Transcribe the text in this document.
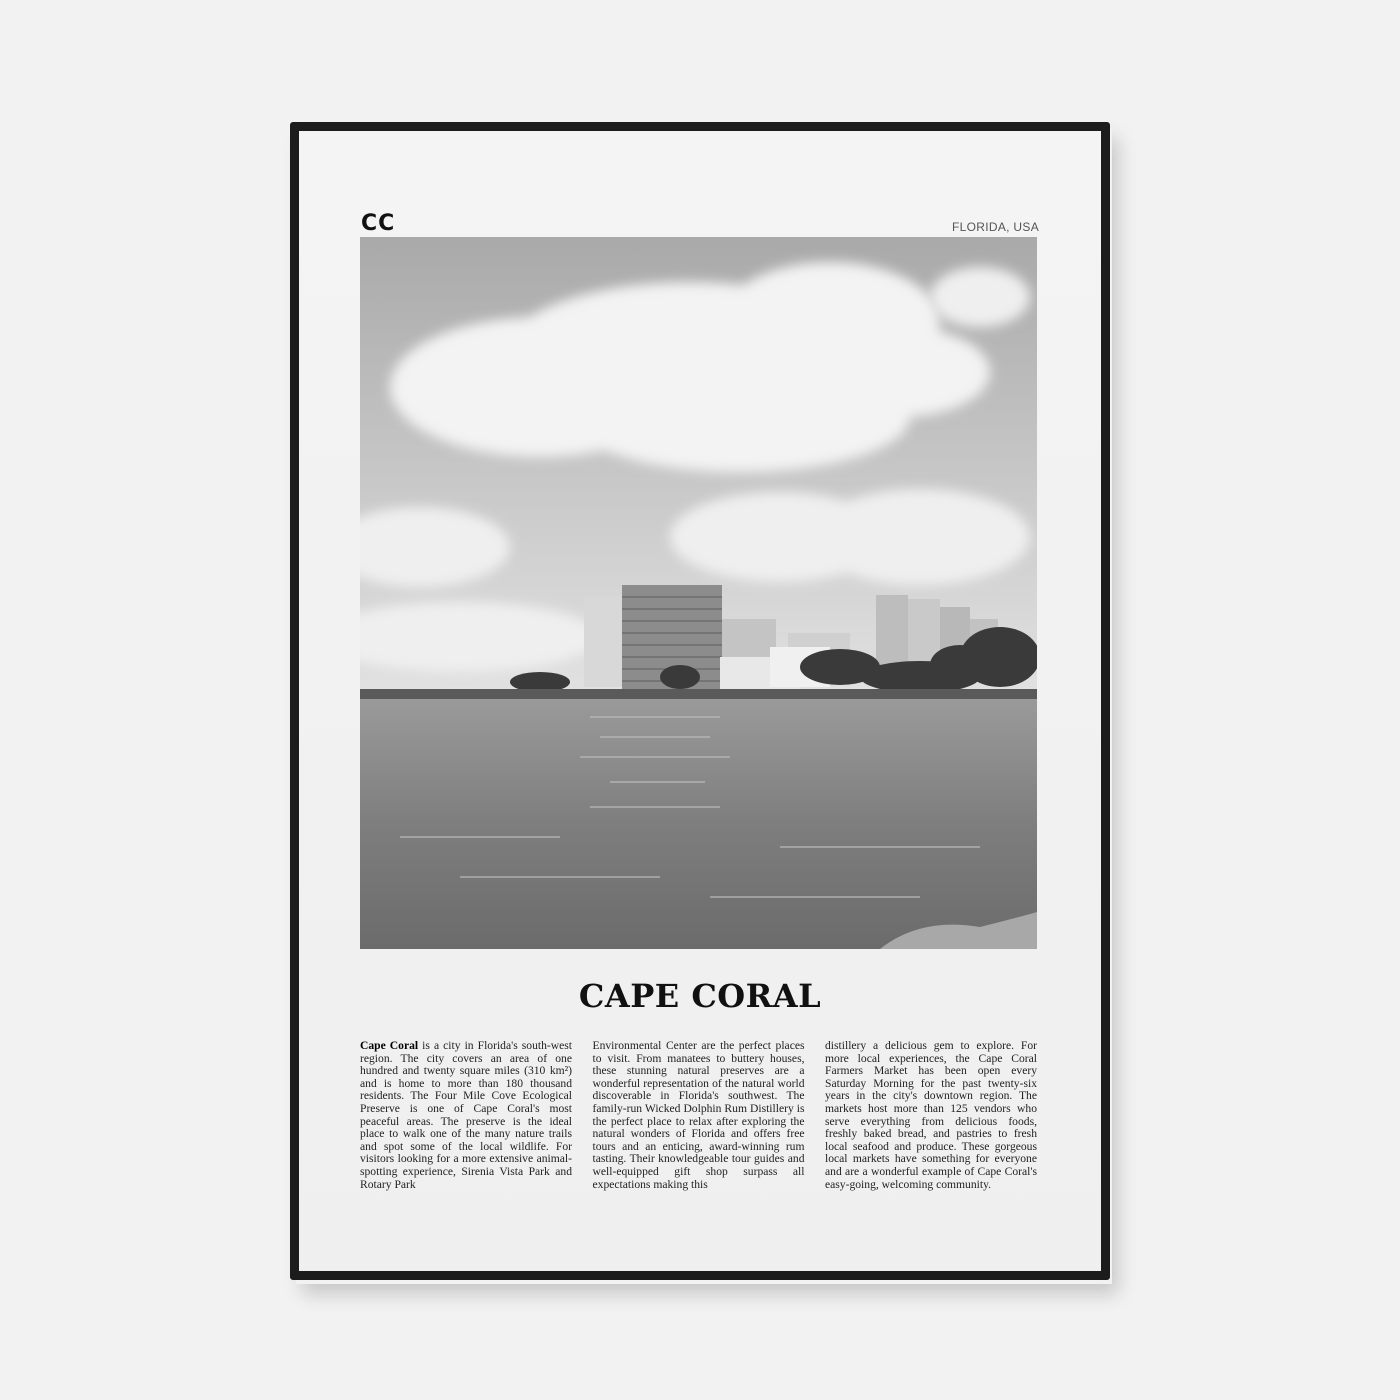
CC	FLORIDA, USA
CAPE CORAL
Cape Coral is a city in Florida's south-west region. The city covers an area of one hundred and twenty square miles (310 km²) and is home to more than 180 thousand residents. The Four Mile Cove Ecological Preserve is one of Cape Coral's most peaceful areas. The preserve is the ideal place to walk one of the many nature trails and spot some of the local wildlife. For visitors looking for a more extensive animal-spotting experience, Sirenia Vista Park and Rotary Park
Environmental Center are the perfect places to visit. From manatees to buttery houses, these stunning natural preserves are a wonderful representation of the natural world discoverable in Florida's southwest. The family-run Wicked Dolphin Rum Distillery is the perfect place to relax after exploring the natural wonders of Florida and offers free tours and an enticing, award-winning rum tasting. Their knowledgeable tour guides and well-equipped gift shop surpass all expectations making this
distillery a delicious gem to explore. For more local experiences, the Cape Coral Farmers Market has been open every Saturday Morning for the past twenty-six years in the city's downtown region. The markets host more than 125 vendors who serve everything from delicious foods, freshly baked bread, and pastries to fresh local seafood and produce. These gorgeous local markets have something for everyone and are a wonderful example of Cape Coral's easy-going, welcoming community.
